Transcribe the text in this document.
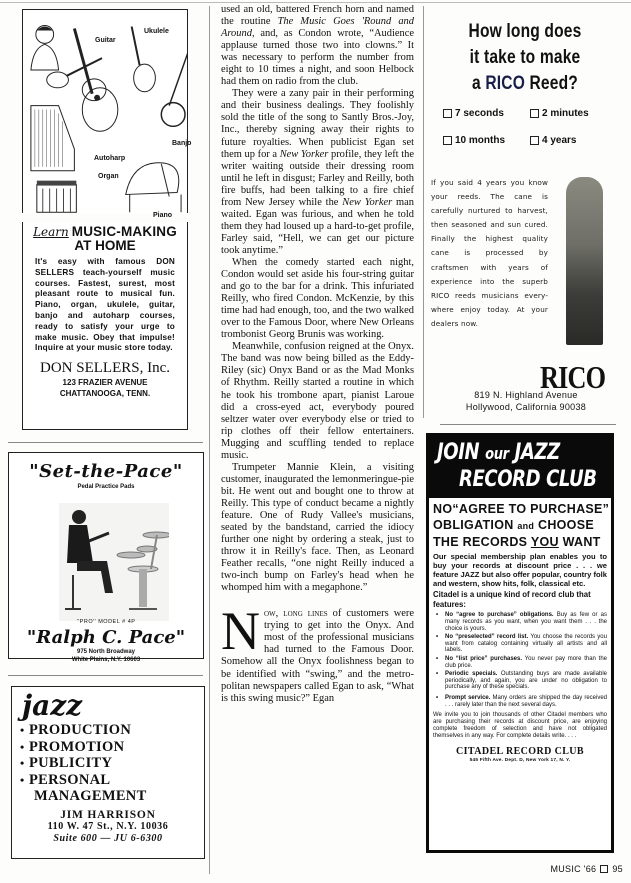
Guitar
Ukulele
Banjo
Autoharp
Organ
Piano
Learn MUSIC-MAKING
AT HOME
It's easy with famous DON SELLERS teach-yourself music courses. Fastest, surest, most pleasant route to musical fun. Piano, organ, ukulele, guitar, banjo and autoharp courses, ready to satisfy your urge to make music. Obey that impulse! Inquire at your music store today.
DON SELLERS, Inc.
123 FRAZIER AVENUE
CHATTANOOGA, TENN.
"Set-the-Pace"
Pedal Practice Pads
''PRO'' MODEL # 4P
"Ralph C. Pace"
975 North Broadway
White Plains, N.Y. 10603
jazz
• PRODUCTION
• PROMOTION
• PUBLICITY
• PERSONAL
MANAGEMENT
JIM HARRISON
110 W. 47 St., N.Y. 10036
Suite 600 — JU 6-6300

used an old, battered French horn and named the routine The Music Goes 'Round and Around, and, as Condon wrote, “Audience applause turned those two into clowns.” It was necessary to perform the number from eight to 10 times a night, and soon Helbock had them on radio from the club.

They were a zany pair in their performing and their business dealings. They foolishly sold the title of the song to Santly Bros.-Joy, Inc., thereby signing away their rights to future royalties. When publicist Egan set them up for a New Yorker profile, they left the writer waiting outside their dressing room until he left in disgust; Farley and Reilly, both fire buffs, had been talking to a fire chief from New Jersey while the New Yorker man waited. Egan was furious, and when he told them they had loused up a hard-to-get profile, Farley said, “Hell, we can get our picture took anytime.”

When the comedy started each night, Condon would set aside his four-string guitar and go to the bar for a drink. This infuriated Reilly, who fired Condon. McKenzie, by this time had had enough, too, and the two walked over to the Famous Door, where New Orleans trombonist Georg Brunis was working.

Meanwhile, confusion reigned at the Onyx. The band was now being billed as the Eddy-Riley (sic) Onyx Band or as the Mad Monks of Rhythm. Reilly started a routine in which he took his trombone apart, pianist Laroue did a cross-eyed act, everybody poured seltzer water over everybody else or tried to rip clothes off their fellow entertainers. Mugging and scuffling tended to replace music.

Trumpeter Mannie Klein, a visiting customer, inaugurated the lemonmeringue-pie bit. He went out and bought one to throw at Reilly. This type of conduct became a nightly feature. One of Rudy Vallee's musicians, seated by the bandstand, carried the idiocy further one night by ordering a steak, just to throw it in Reilly's face. Then, as Leonard Feather recalls, “one night Reilly induced a two-inch bump on Farley's head when he whomped him with a megaphone.”

Now, long lines of customers were trying to get into the Onyx. And most of the professional musicians had turned to the Famous Door. Somehow all the Onyx foolishness began to be identified with “swing,” and the metropolitan newspapers called Egan to ask, “What is this swing music?” Egan

How long does
it take to make
a RICO Reed?
7 seconds	2 minutes
10 months	4 years
If you said 4 years you know your reeds. The cane is carefully nurtured to harvest, then seasoned and sun cured. Finally the highest quality cane is processed by craftsmen with years of experience into the superb RICO reeds musicians everywhere enjoy today. At your dealers now.
RICO
819 N. Highland Avenue
Hollywood, California 90038
JOIN our JAZZ
RECORD CLUB
NO“AGREE TO PURCHASE”
OBLIGATION and CHOOSE
THE RECORDS YOU WANT
Our special membership plan enables you to buy your records at discount price . . . we feature JAZZ but also offer popular, country folk and western, show hits, folk, classical etc.
Citadel is a unique kind of record club that features:
• No “agree to purchase” obligations. Buy as few or as many records as you want, when you want them . . . the choice is yours.
• No “preselected” record list. You choose the records you want from catalog containing virtually all artists and all labels.
• No “list price” purchases. You never pay more than the club price.
• Periodic specials. Outstanding buys are made available periodically, and again, you are under no obligation to purchase any of these specials.
• Prompt service. Many orders are shipped the day received . . . rarely later than the next several days.
We invite you to join thousands of other Citadel members who are purchasing their records at discount price, are enjoying complete freedom of selection and have not obligated themselves in any way. For complete details write. . . .
CITADEL RECORD CLUB
545 Fifth Ave. Dept. D, New York 17, N. Y.
MUSIC '66 95
